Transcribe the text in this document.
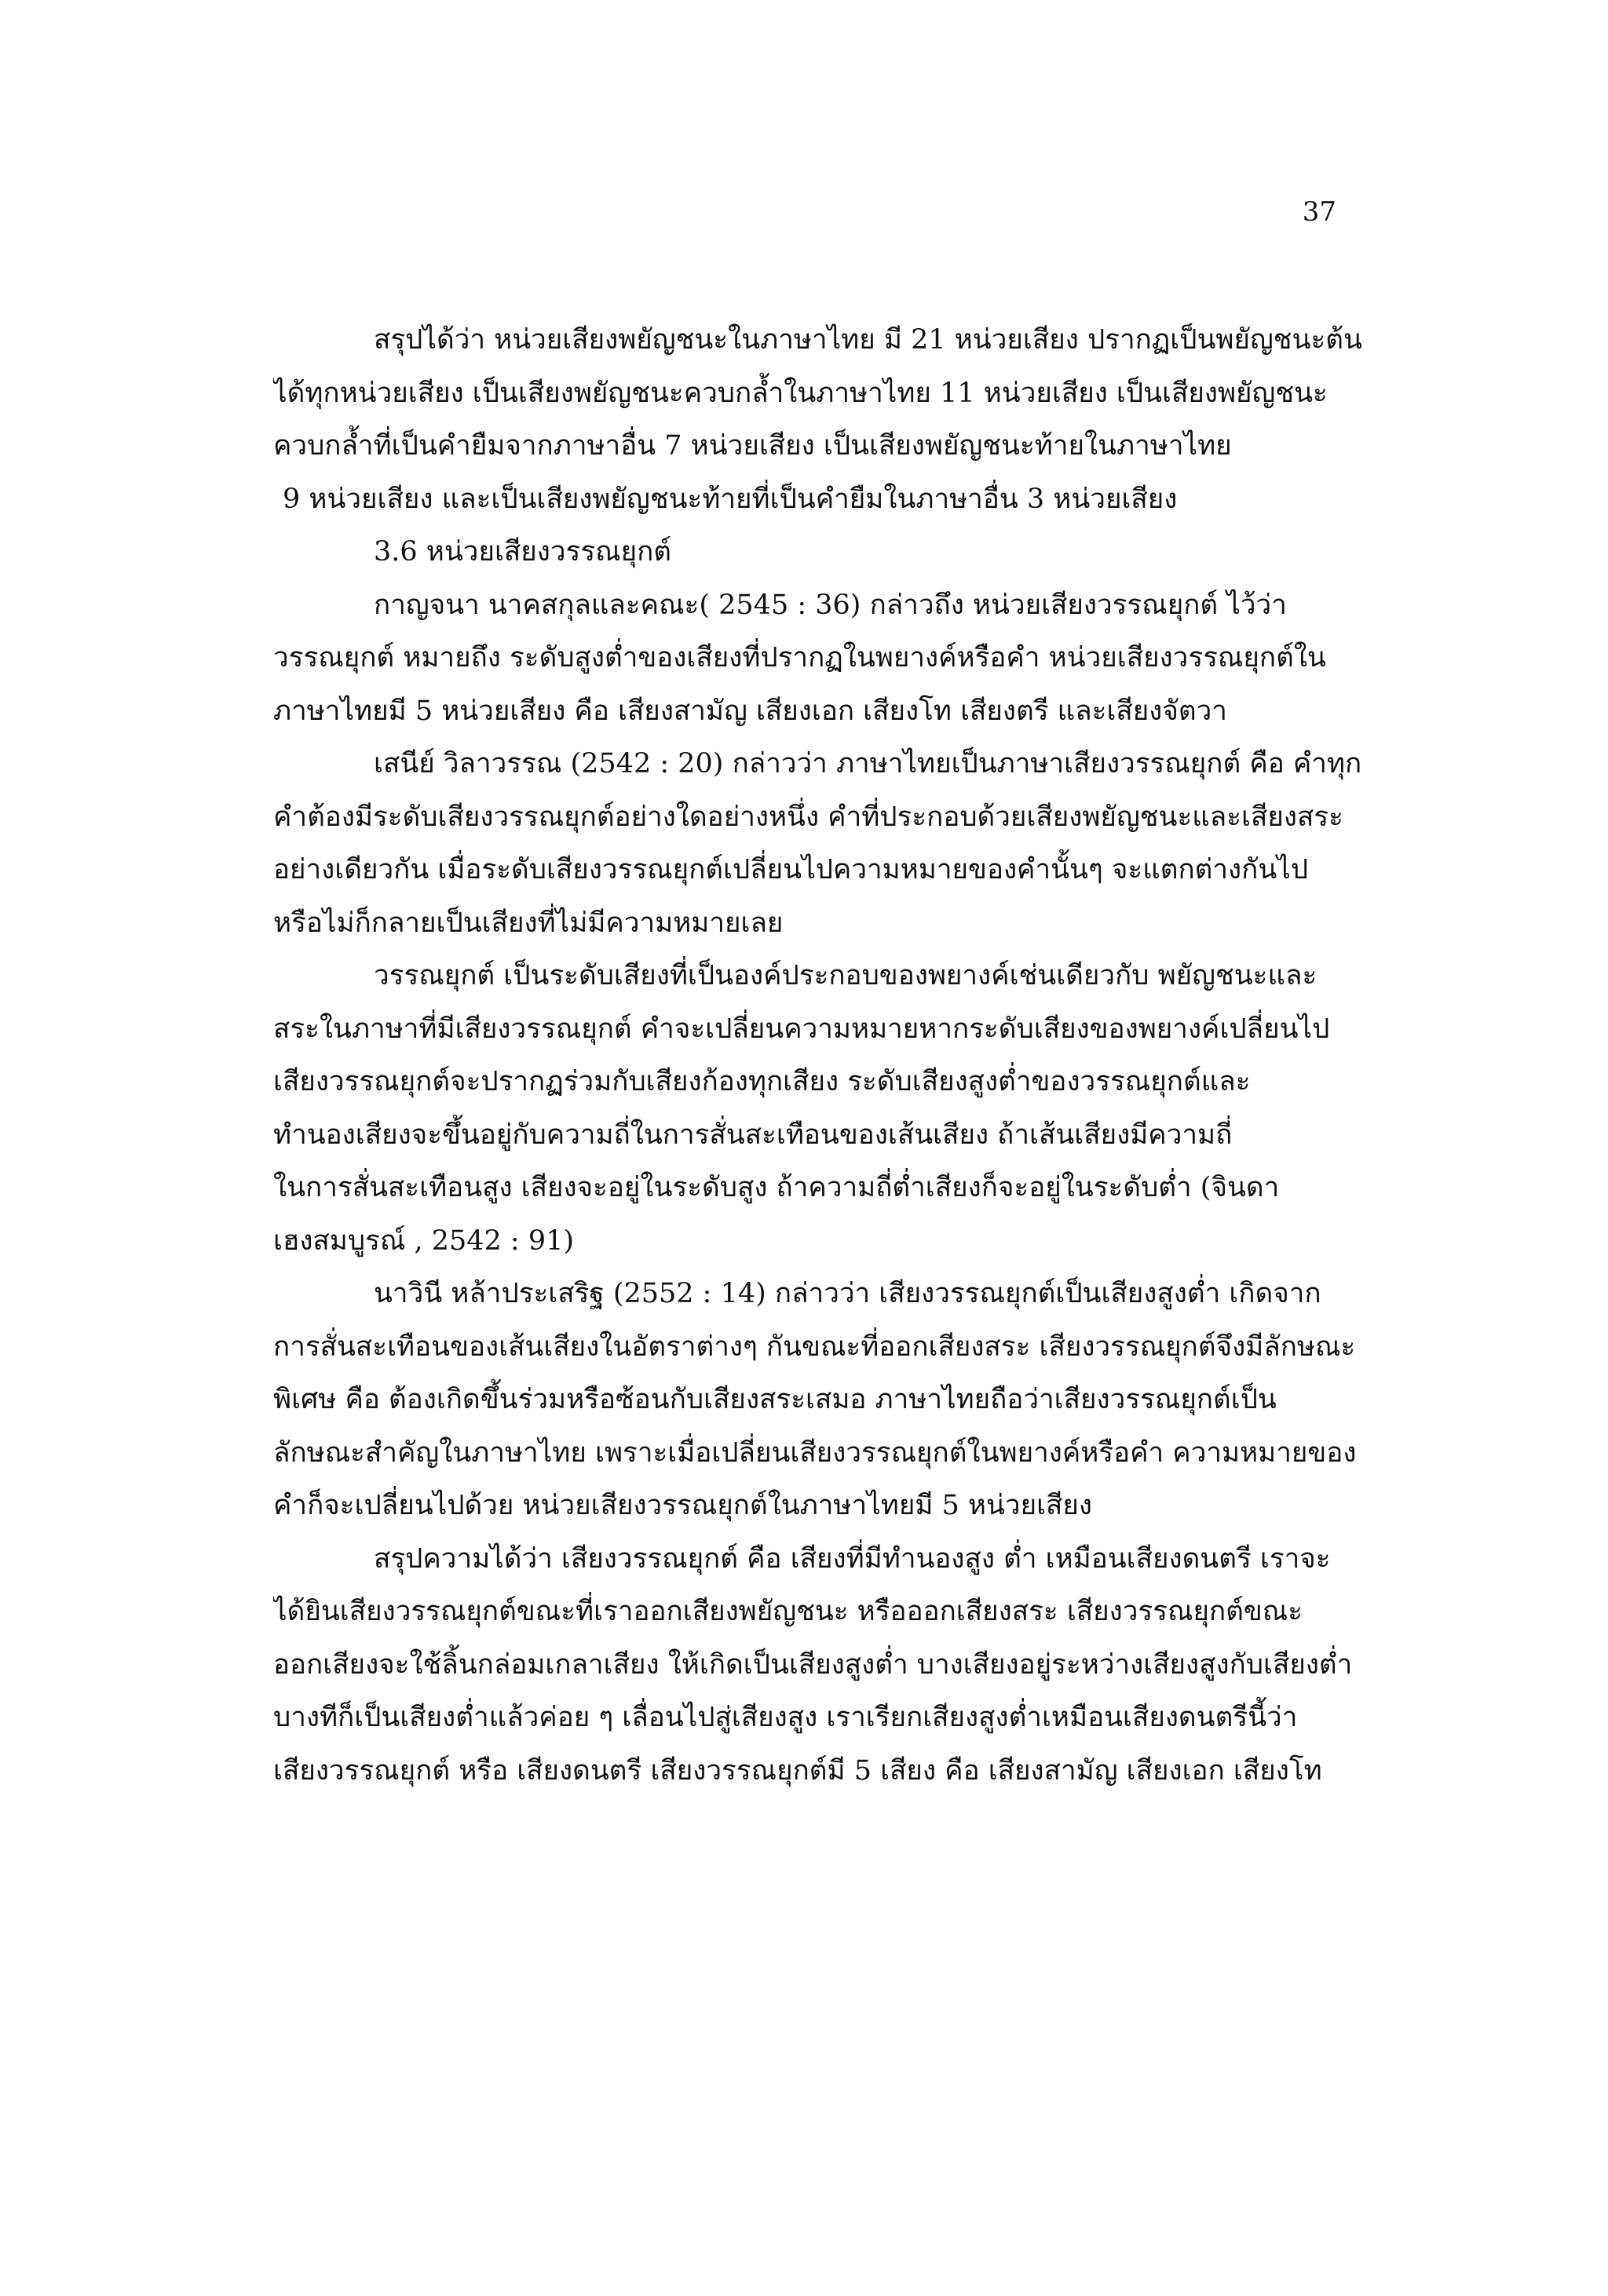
37

สรุปได้ว่า หน่วยเสียงพยัญชนะในภาษาไทย มี 21 หน่วยเสียง ปรากฏเป็นพยัญชนะต้น
ได้ทุกหน่วยเสียง เป็นเสียงพยัญชนะควบกล้ำในภาษาไทย 11 หน่วยเสียง เป็นเสียงพยัญชนะ
ควบกล้ำที่เป็นคำยืมจากภาษาอื่น 7 หน่วยเสียง เป็นเสียงพยัญชนะท้ายในภาษาไทย
9 หน่วยเสียง และเป็นเสียงพยัญชนะท้ายที่เป็นคำยืมในภาษาอื่น 3 หน่วยเสียง

3.6 หน่วยเสียงวรรณยุกต์

กาญจนา นาคสกุลและคณะ( 2545 : 36) กล่าวถึง หน่วยเสียงวรรณยุกต์ ไว้ว่า
วรรณยุกต์ หมายถึง ระดับสูงต่ำของเสียงที่ปรากฏในพยางค์หรือคำ หน่วยเสียงวรรณยุกต์ใน
ภาษาไทยมี 5 หน่วยเสียง คือ เสียงสามัญ เสียงเอก เสียงโท เสียงตรี และเสียงจัตวา

เสนีย์ วิลาวรรณ (2542 : 20) กล่าวว่า ภาษาไทยเป็นภาษาเสียงวรรณยุกต์ คือ คำทุก
คำต้องมีระดับเสียงวรรณยุกต์อย่างใดอย่างหนึ่ง คำที่ประกอบด้วยเสียงพยัญชนะและเสียงสระ
อย่างเดียวกัน เมื่อระดับเสียงวรรณยุกต์เปลี่ยนไปความหมายของคำนั้นๆ จะแตกต่างกันไป
หรือไม่ก็กลายเป็นเสียงที่ไม่มีความหมายเลย

วรรณยุกต์ เป็นระดับเสียงที่เป็นองค์ประกอบของพยางค์เช่นเดียวกับ พยัญชนะและ
สระในภาษาที่มีเสียงวรรณยุกต์ คำจะเปลี่ยนความหมายหากระดับเสียงของพยางค์เปลี่ยนไป
เสียงวรรณยุกต์จะปรากฏร่วมกับเสียงก้องทุกเสียง ระดับเสียงสูงต่ำของวรรณยุกต์และ
ทำนองเสียงจะขึ้นอยู่กับความถี่ในการสั่นสะเทือนของเส้นเสียง ถ้าเส้นเสียงมีความถี่
ในการสั่นสะเทือนสูง เสียงจะอยู่ในระดับสูง ถ้าความถี่ต่ำเสียงก็จะอยู่ในระดับต่ำ (จินดา
เฮงสมบูรณ์ , 2542 : 91)

นาวินี หล้าประเสริฐ (2552 : 14) กล่าวว่า เสียงวรรณยุกต์เป็นเสียงสูงต่ำ เกิดจาก
การสั่นสะเทือนของเส้นเสียงในอัตราต่างๆ กันขณะที่ออกเสียงสระ เสียงวรรณยุกต์จึงมีลักษณะ
พิเศษ คือ ต้องเกิดขึ้นร่วมหรือซ้อนกับเสียงสระเสมอ ภาษาไทยถือว่าเสียงวรรณยุกต์เป็น
ลักษณะสำคัญในภาษาไทย เพราะเมื่อเปลี่ยนเสียงวรรณยุกต์ในพยางค์หรือคำ ความหมายของ
คำก็จะเปลี่ยนไปด้วย หน่วยเสียงวรรณยุกต์ในภาษาไทยมี 5 หน่วยเสียง

สรุปความได้ว่า เสียงวรรณยุกต์ คือ เสียงที่มีทำนองสูง ต่ำ เหมือนเสียงดนตรี เราจะ
ได้ยินเสียงวรรณยุกต์ขณะที่เราออกเสียงพยัญชนะ หรือออกเสียงสระ เสียงวรรณยุกต์ขณะ
ออกเสียงจะใช้ลิ้นกล่อมเกลาเสียง ให้เกิดเป็นเสียงสูงต่ำ บางเสียงอยู่ระหว่างเสียงสูงกับเสียงต่ำ
บางทีก็เป็นเสียงต่ำแล้วค่อย ๆ เลื่อนไปสู่เสียงสูง เราเรียกเสียงสูงต่ำเหมือนเสียงดนตรีนี้ว่า
เสียงวรรณยุกต์ หรือ เสียงดนตรี เสียงวรรณยุกต์มี 5 เสียง คือ เสียงสามัญ เสียงเอก เสียงโท
